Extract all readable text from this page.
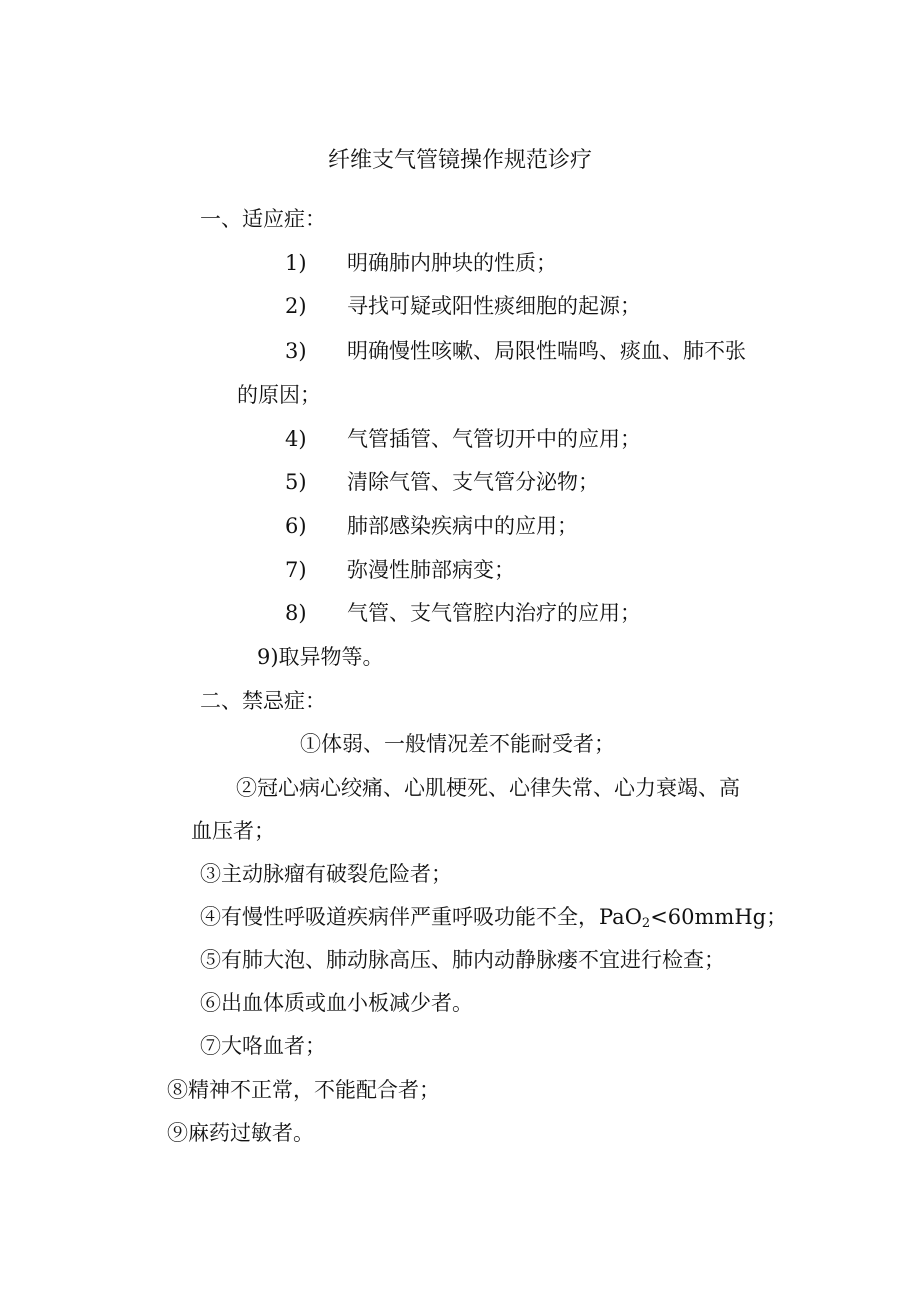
纤维支气管镜操作规范诊疗
一、适应症：
1) 明确肺内肿块的性质；
2) 寻找可疑或阳性痰细胞的起源；
3) 明确慢性咳嗽、局限性喘鸣、痰血、肺不张
的原因；
4) 气管插管、气管切开中的应用；
5) 清除气管、支气管分泌物；
6) 肺部感染疾病中的应用；
7) 弥漫性肺部病变；
8) 气管、支气管腔内治疗的应用；
9)取异物等。
二、禁忌症：
①体弱、一般情况差不能耐受者；
②冠心病心绞痛、心肌梗死、心律失常、心力衰竭、高
血压者；
③主动脉瘤有破裂危险者；
④有慢性呼吸道疾病伴严重呼吸功能不全，PaO$_2$<60mmHg；
⑤有肺大泡、肺动脉高压、肺内动静脉瘘不宜进行检查；
⑥出血体质或血小板减少者。
⑦大咯血者；
⑧精神不正常，不能配合者；
⑨麻药过敏者。
